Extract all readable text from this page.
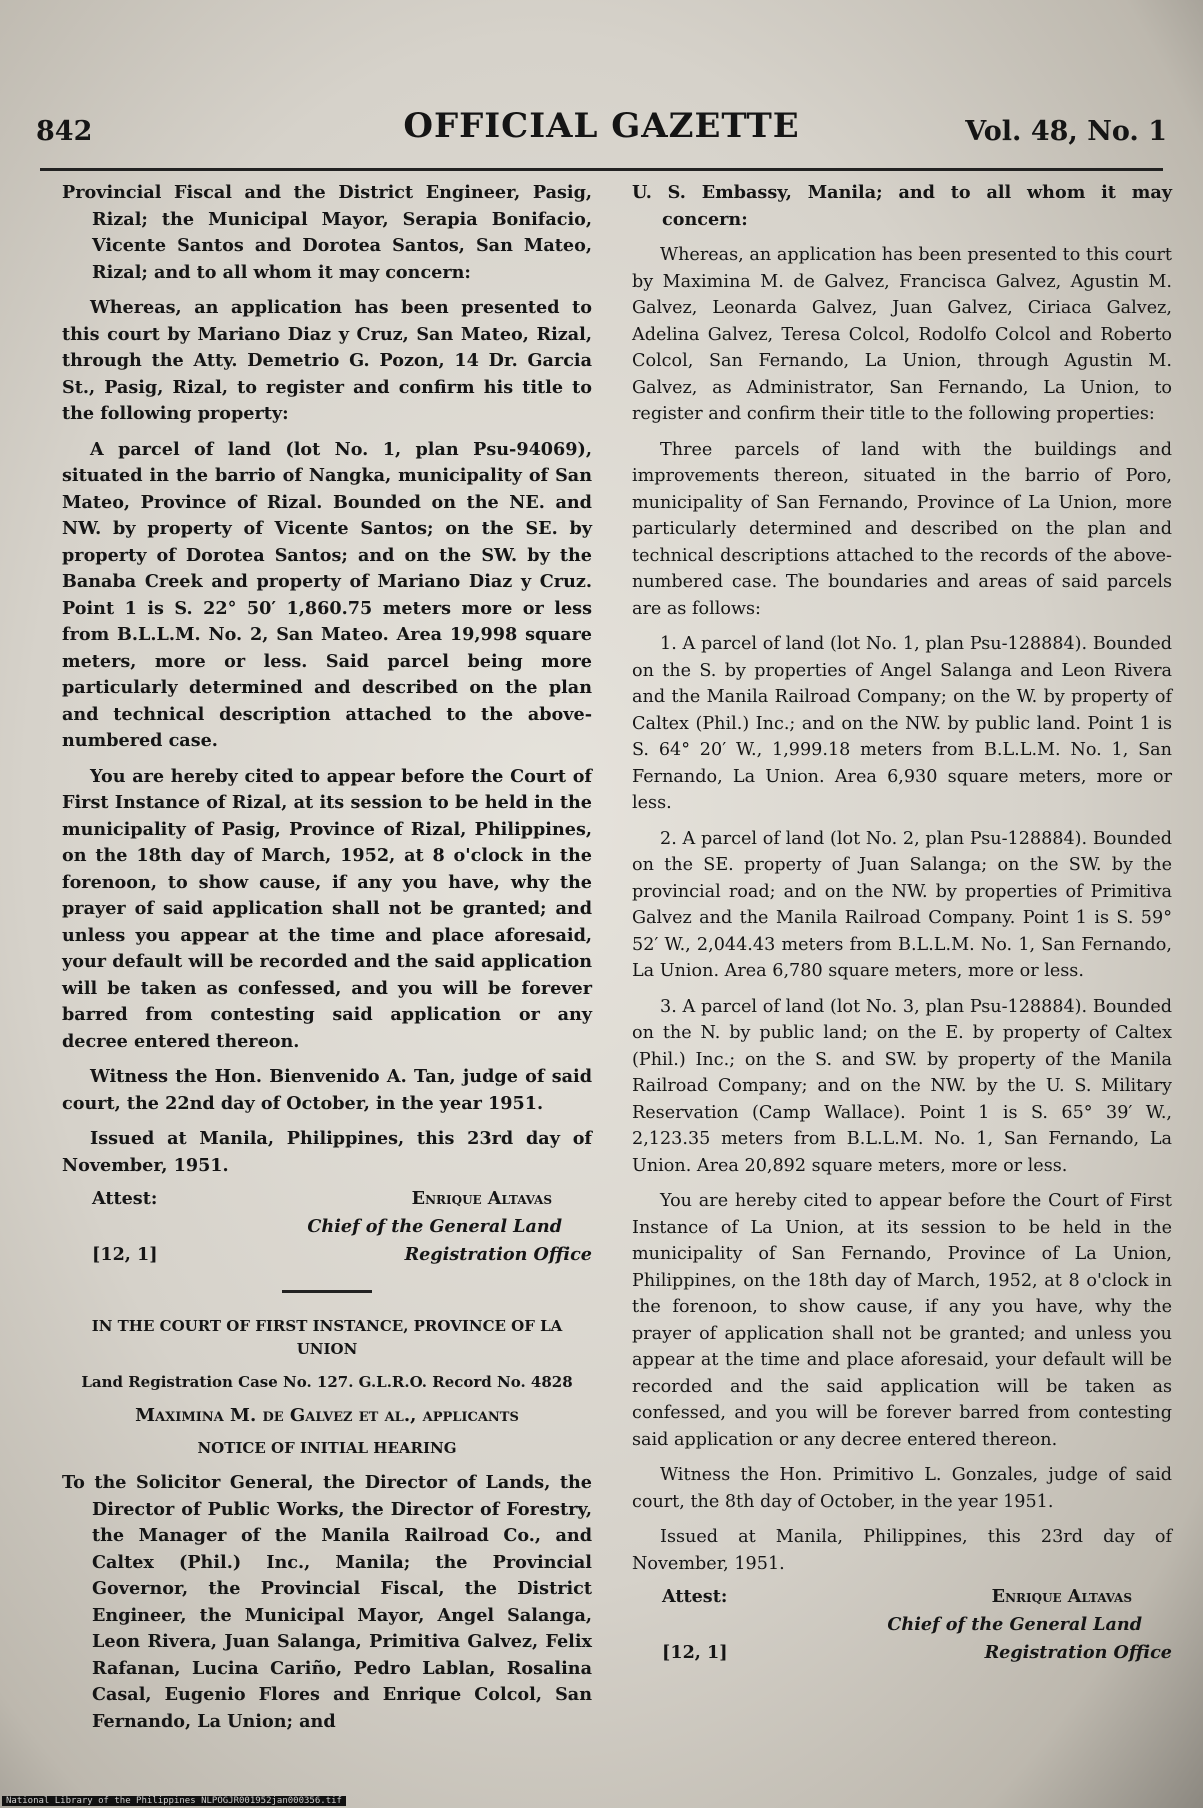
842	OFFICIAL GAZETTE	Vol. 48, No. 1

Provincial Fiscal and the District Engineer, Pasig, Rizal; the Municipal Mayor, Serapia Bonifacio, Vicente Santos and Dorotea Santos, San Mateo, Rizal; and to all whom it may concern:

Whereas, an application has been presented to this court by Mariano Diaz y Cruz, San Mateo, Rizal, through the Atty. Demetrio G. Pozon, 14 Dr. Garcia St., Pasig, Rizal, to register and confirm his title to the following property:

A parcel of land (lot No. 1, plan Psu-94069), situated in the barrio of Nangka, municipality of San Mateo, Province of Rizal. Bounded on the NE. and NW. by property of Vicente Santos; on the SE. by property of Dorotea Santos; and on the SW. by the Banaba Creek and property of Mariano Diaz y Cruz. Point 1 is S. 22° 50′ 1,860.75 meters more or less from B.L.L.M. No. 2, San Mateo. Area 19,998 square meters, more or less. Said parcel being more particularly determined and described on the plan and technical description attached to the above-numbered case.

You are hereby cited to appear before the Court of First Instance of Rizal, at its session to be held in the municipality of Pasig, Province of Rizal, Philippines, on the 18th day of March, 1952, at 8 o'clock in the forenoon, to show cause, if any you have, why the prayer of said application shall not be granted; and unless you appear at the time and place aforesaid, your default will be recorded and the said application will be taken as confessed, and you will be forever barred from contesting said application or any decree entered thereon.

Witness the Hon. Bienvenido A. Tan, judge of said court, the 22nd day of October, in the year 1951.

Issued at Manila, Philippines, this 23rd day of November, 1951.

Attest:	Enrique Altavas
Chief of the General Land
[12, 1]	Registration Office

IN THE COURT OF FIRST INSTANCE, PROVINCE OF LA UNION

Land Registration Case No. 127. G.L.R.O. Record No. 4828

Maximina M. de Galvez et al., applicants

NOTICE OF INITIAL HEARING

To the Solicitor General, the Director of Lands, the Director of Public Works, the Director of Forestry, the Manager of the Manila Railroad Co., and Caltex (Phil.) Inc., Manila; the Provincial Governor, the Provincial Fiscal, the District Engineer, the Municipal Mayor, Angel Salanga, Leon Rivera, Juan Salanga, Primitiva Galvez, Felix Rafanan, Lucina Cariño, Pedro Lablan, Rosalina Casal, Eugenio Flores and Enrique Colcol, San Fernando, La Union; and

U. S. Embassy, Manila; and to all whom it may concern:

Whereas, an application has been presented to this court by Maximina M. de Galvez, Francisca Galvez, Agustin M. Galvez, Leonarda Galvez, Juan Galvez, Ciriaca Galvez, Adelina Galvez, Teresa Colcol, Rodolfo Colcol and Roberto Colcol, San Fernando, La Union, through Agustin M. Galvez, as Administrator, San Fernando, La Union, to register and confirm their title to the following properties:

Three parcels of land with the buildings and improvements thereon, situated in the barrio of Poro, municipality of San Fernando, Province of La Union, more particularly determined and described on the plan and technical descriptions attached to the records of the above-numbered case. The boundaries and areas of said parcels are as follows:

1. A parcel of land (lot No. 1, plan Psu-128884). Bounded on the S. by properties of Angel Salanga and Leon Rivera and the Manila Railroad Company; on the W. by property of Caltex (Phil.) Inc.; and on the NW. by public land. Point 1 is S. 64° 20′ W., 1,999.18 meters from B.L.L.M. No. 1, San Fernando, La Union. Area 6,930 square meters, more or less.

2. A parcel of land (lot No. 2, plan Psu-128884). Bounded on the SE. property of Juan Salanga; on the SW. by the provincial road; and on the NW. by properties of Primitiva Galvez and the Manila Railroad Company. Point 1 is S. 59° 52′ W., 2,044.43 meters from B.L.L.M. No. 1, San Fernando, La Union. Area 6,780 square meters, more or less.

3. A parcel of land (lot No. 3, plan Psu-128884). Bounded on the N. by public land; on the E. by property of Caltex (Phil.) Inc.; on the S. and SW. by property of the Manila Railroad Company; and on the NW. by the U. S. Military Reservation (Camp Wallace). Point 1 is S. 65° 39′ W., 2,123.35 meters from B.L.L.M. No. 1, San Fernando, La Union. Area 20,892 square meters, more or less.

You are hereby cited to appear before the Court of First Instance of La Union, at its session to be held in the municipality of San Fernando, Province of La Union, Philippines, on the 18th day of March, 1952, at 8 o'clock in the forenoon, to show cause, if any you have, why the prayer of application shall not be granted; and unless you appear at the time and place aforesaid, your default will be recorded and the said application will be taken as confessed, and you will be forever barred from contesting said application or any decree entered thereon.

Witness the Hon. Primitivo L. Gonzales, judge of said court, the 8th day of October, in the year 1951.

Issued at Manila, Philippines, this 23rd day of November, 1951.

Attest:	Enrique Altavas
Chief of the General Land
[12, 1]	Registration Office
National Library of the Philippines NLPOGJR001952jan000356.tif
